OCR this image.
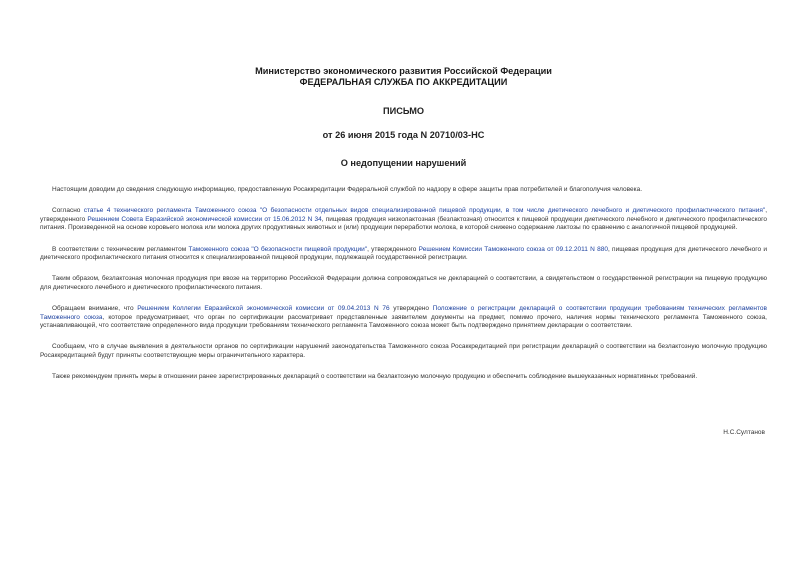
Министерство экономического развития Российской Федерации
ФЕДЕРАЛЬНАЯ СЛУЖБА ПО АККРЕДИТАЦИИ
ПИСЬМО
от 26 июня 2015 года N 20710/03-НС
О недопущении нарушений

Настоящим доводим до сведения следующую информацию, предоставленную Росаккредитации Федеральной службой по надзору в сфере защиты прав потребителей и благополучия человека.

Согласно статье 4 технического регламента Таможенного союза "О безопасности отдельных видов специализированной пищевой продукции, в том числе диетического лечебного и диетического профилактического питания", утвержденного Решением Совета Евразийской экономической комиссии от 15.06.2012 N 34, пищевая продукция низколактозная (безлактозная) относится к пищевой продукции диетического лечебного и диетического профилактического питания. Произведенной на основе коровьего молока или молока других продуктивных животных и (или) продукции переработки молока, в которой снижено содержание лактозы по сравнению с аналогичной пищевой продукцией.

В соответствии с техническим регламентом Таможенного союза "О безопасности пищевой продукции", утвержденного Решением Комиссии Таможенного союза от 09.12.2011 N 880, пищевая продукция для диетического лечебного и диетического профилактического питания относится к специализированной пищевой продукции, подлежащей государственной регистрации.

Таким образом, безлактозная молочная продукция при ввозе на территорию Российской Федерации должна сопровождаться не декларацией о соответствии, а свидетельством о государственной регистрации на пищевую продукцию для диетического лечебного и диетического профилактического питания.

Обращаем внимание, что Решением Коллегии Евразийской экономической комиссии от 09.04.2013 N 76 утверждено Положение о регистрации деклараций о соответствии продукции требованиям технических регламентов Таможенного союза, которое предусматривает, что орган по сертификации рассматривает представленные заявителем документы на предмет, помимо прочего, наличия нормы технического регламента Таможенного союза, устанавливающей, что соответствие определенного вида продукции требованиям технического регламента Таможенного союза может быть подтверждено принятием декларации о соответствии.

Сообщаем, что в случае выявления в деятельности органов по сертификации нарушений законодательства Таможенного союза Росаккредитацией при регистрации деклараций о соответствии на безлактозную молочную продукцию Росаккредитацией будут приняты соответствующие меры ограничительного характера.

Также рекомендуем принять меры в отношении ранее зарегистрированных деклараций о соответствии на безлактозную молочную продукцию и обеспечить соблюдение вышеуказанных нормативных требований.

Н.С.Султанов
